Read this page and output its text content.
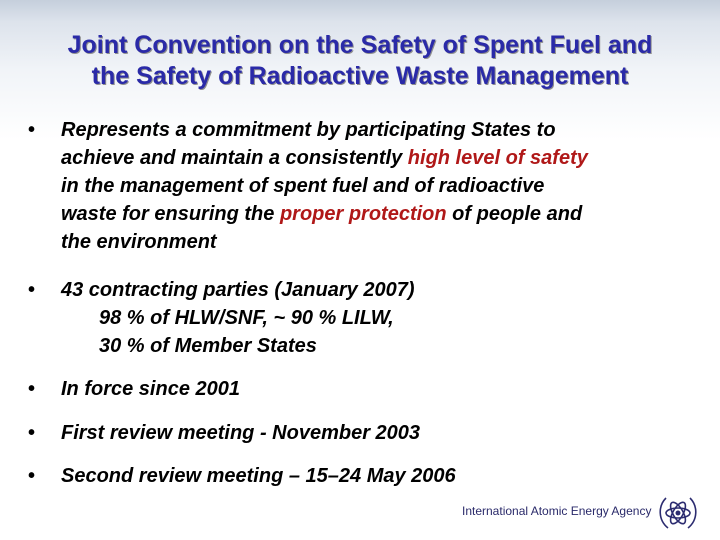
Joint Convention on the Safety of Spent Fuel and
the Safety of Radioactive Waste Management
• Represents a commitment by participating States to
achieve and maintain a consistently high level of safety
in the management of spent fuel and of radioactive
waste for ensuring the proper protection of people and
the environment
• 43 contracting parties (January 2007)
98 % of HLW/SNF, ~ 90 % LILW,
30 % of Member States
• In force since 2001
• First review meeting - November 2003
• Second review meeting – 15–24 May 2006
International Atomic Energy Agency
